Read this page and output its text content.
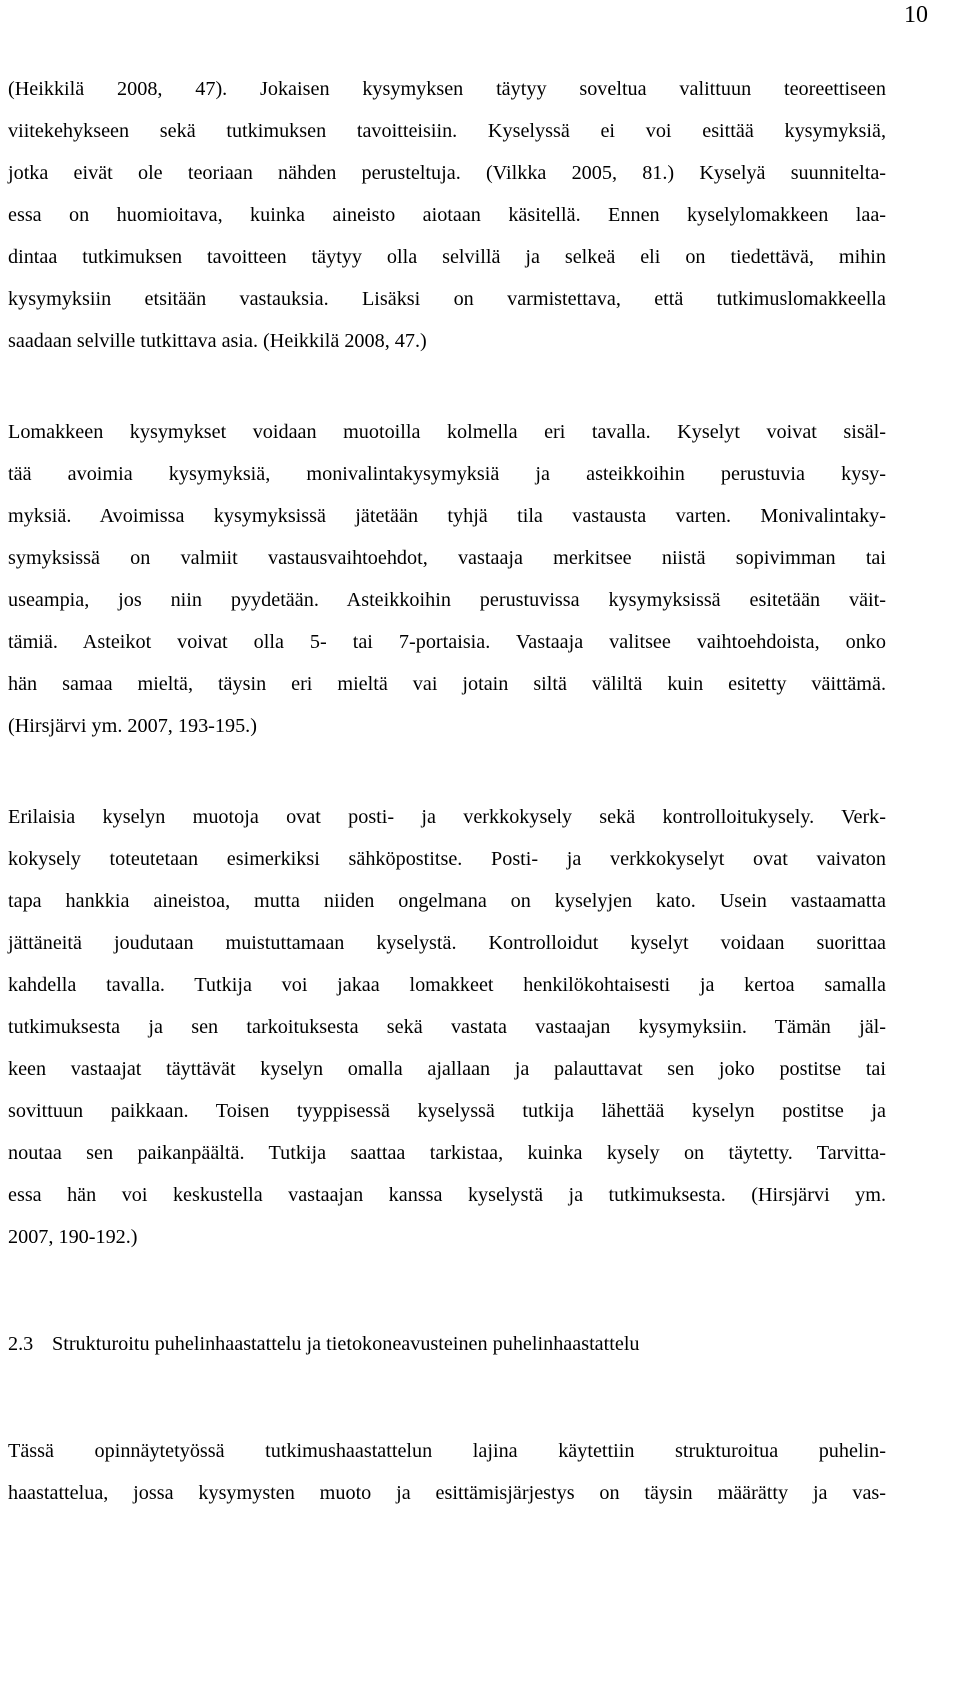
10
(Heikkilä 2008, 47). Jokaisen kysymyksen täytyy soveltua valittuun teoreettiseen
viitekehykseen sekä tutkimuksen tavoitteisiin. Kyselyssä ei voi esittää kysymyksiä,
jotka eivät ole teoriaan nähden perusteltuja. (Vilkka 2005, 81.) Kyselyä suunnitelta-
essa on huomioitava, kuinka aineisto aiotaan käsitellä. Ennen kyselylomakkeen laa-
dintaa tutkimuksen tavoitteen täytyy olla selvillä ja selkeä eli on tiedettävä, mihin
kysymyksiin etsitään vastauksia. Lisäksi on varmistettava, että tutkimuslomakkeella
saadaan selville tutkittava asia. (Heikkilä 2008, 47.)
Lomakkeen kysymykset voidaan muotoilla kolmella eri tavalla. Kyselyt voivat sisäl-
tää avoimia kysymyksiä, monivalintakysymyksiä ja asteikkoihin perustuvia kysy-
myksiä. Avoimissa kysymyksissä jätetään tyhjä tila vastausta varten. Monivalintaky-
symyksissä on valmiit vastausvaihtoehdot, vastaaja merkitsee niistä sopivimman tai
useampia, jos niin pyydetään. Asteikkoihin perustuvissa kysymyksissä esitetään väit-
tämiä. Asteikot voivat olla 5- tai 7-portaisia. Vastaaja valitsee vaihtoehdoista, onko
hän samaa mieltä, täysin eri mieltä vai jotain siltä väliltä kuin esitetty väittämä.
(Hirsjärvi ym. 2007, 193-195.)
Erilaisia kyselyn muotoja ovat posti- ja verkkokysely sekä kontrolloitukysely. Verk-
kokysely toteutetaan esimerkiksi sähköpostitse. Posti- ja verkkokyselyt ovat vaivaton
tapa hankkia aineistoa, mutta niiden ongelmana on kyselyjen kato. Usein vastaamatta
jättäneitä joudutaan muistuttamaan kyselystä. Kontrolloidut kyselyt voidaan suorittaa
kahdella tavalla. Tutkija voi jakaa lomakkeet henkilökohtaisesti ja kertoa samalla
tutkimuksesta ja sen tarkoituksesta sekä vastata vastaajan kysymyksiin. Tämän jäl-
keen vastaajat täyttävät kyselyn omalla ajallaan ja palauttavat sen joko postitse tai
sovittuun paikkaan. Toisen tyyppisessä kyselyssä tutkija lähettää kyselyn postitse ja
noutaa sen paikanpäältä. Tutkija saattaa tarkistaa, kuinka kysely on täytetty. Tarvitta-
essa hän voi keskustella vastaajan kanssa kyselystä ja tutkimuksesta. (Hirsjärvi ym.
2007, 190-192.)
2.3 Strukturoitu puhelinhaastattelu ja tietokoneavusteinen puhelinhaastattelu
Tässä opinnäytetyössä tutkimushaastattelun lajina käytettiin strukturoitua puhelin-
haastattelua, jossa kysymysten muoto ja esittämisjärjestys on täysin määrätty ja vas-
